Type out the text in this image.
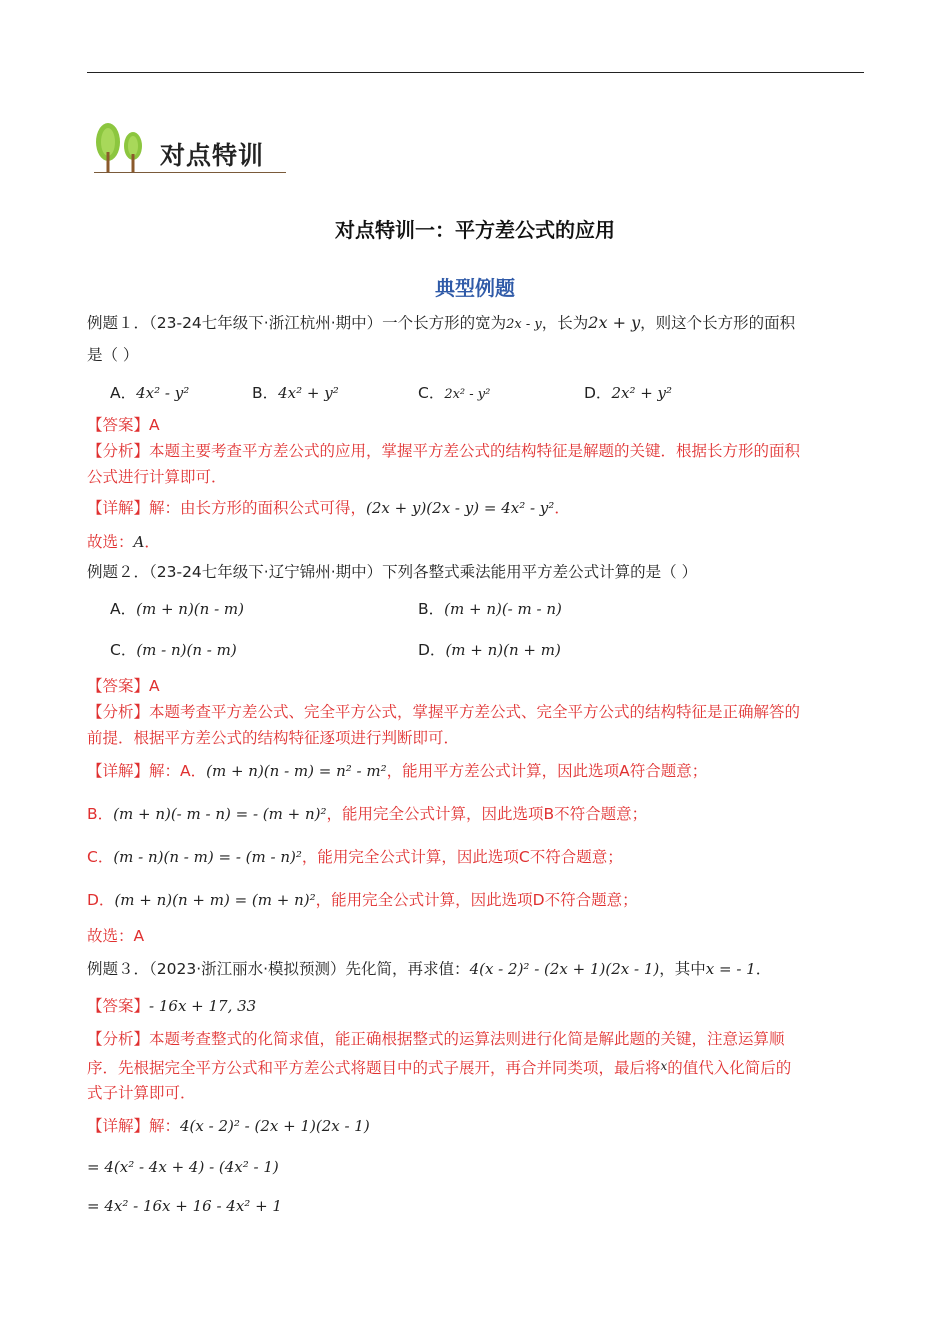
对点特训
对点特训一：平方差公式的应用
典型例题
例题１．（23-24七年级下·浙江杭州·期中）一个长方形的宽为2x - y，长为2x + y，则这个长方形的面积
是（ ）
A．4x² - y²	B．4x² + y²	C．2x² - y²	D．2x² + y²
【答案】A
【分析】本题主要考查平方差公式的应用，掌握平方差公式的结构特征是解题的关键．根据长方形的面积
公式进行计算即可．
【详解】解：由长方形的面积公式可得，(2x + y)(2x - y) = 4x² - y²．
故选：A．
例题２．（23-24七年级下·辽宁锦州·期中）下列各整式乘法能用平方差公式计算的是（ ）
A．(m + n)(n - m)	B．(m + n)(- m - n)
C．(m - n)(n - m)	D．(m + n)(n + m)
【答案】A
【分析】本题考查平方差公式、完全平方公式，掌握平方差公式、完全平方公式的结构特征是正确解答的
前提．根据平方差公式的结构特征逐项进行判断即可．
【详解】解：A．(m + n)(n - m) = n² - m²，能用平方差公式计算，因此选项A符合题意；
B．(m + n)(- m - n) = - (m + n)²，能用完全公式计算，因此选项B不符合题意；
C．(m - n)(n - m) = - (m - n)²，能用完全公式计算，因此选项C不符合题意；
D．(m + n)(n + m) = (m + n)²，能用完全公式计算，因此选项D不符合题意；
故选：A
例题３．（2023·浙江丽水·模拟预测）先化简，再求值：4(x - 2)² - (2x + 1)(2x - 1)，其中x = - 1．
【答案】- 16x + 17, 33
【分析】本题考查整式的化简求值，能正确根据整式的运算法则进行化简是解此题的关键，注意运算顺
序．先根据完全平方公式和平方差公式将题目中的式子展开，再合并同类项，最后将x的值代入化简后的
式子计算即可．
【详解】解：4(x - 2)² - (2x + 1)(2x - 1)
= 4(x² - 4x + 4) - (4x² - 1)
= 4x² - 16x + 16 - 4x² + 1
